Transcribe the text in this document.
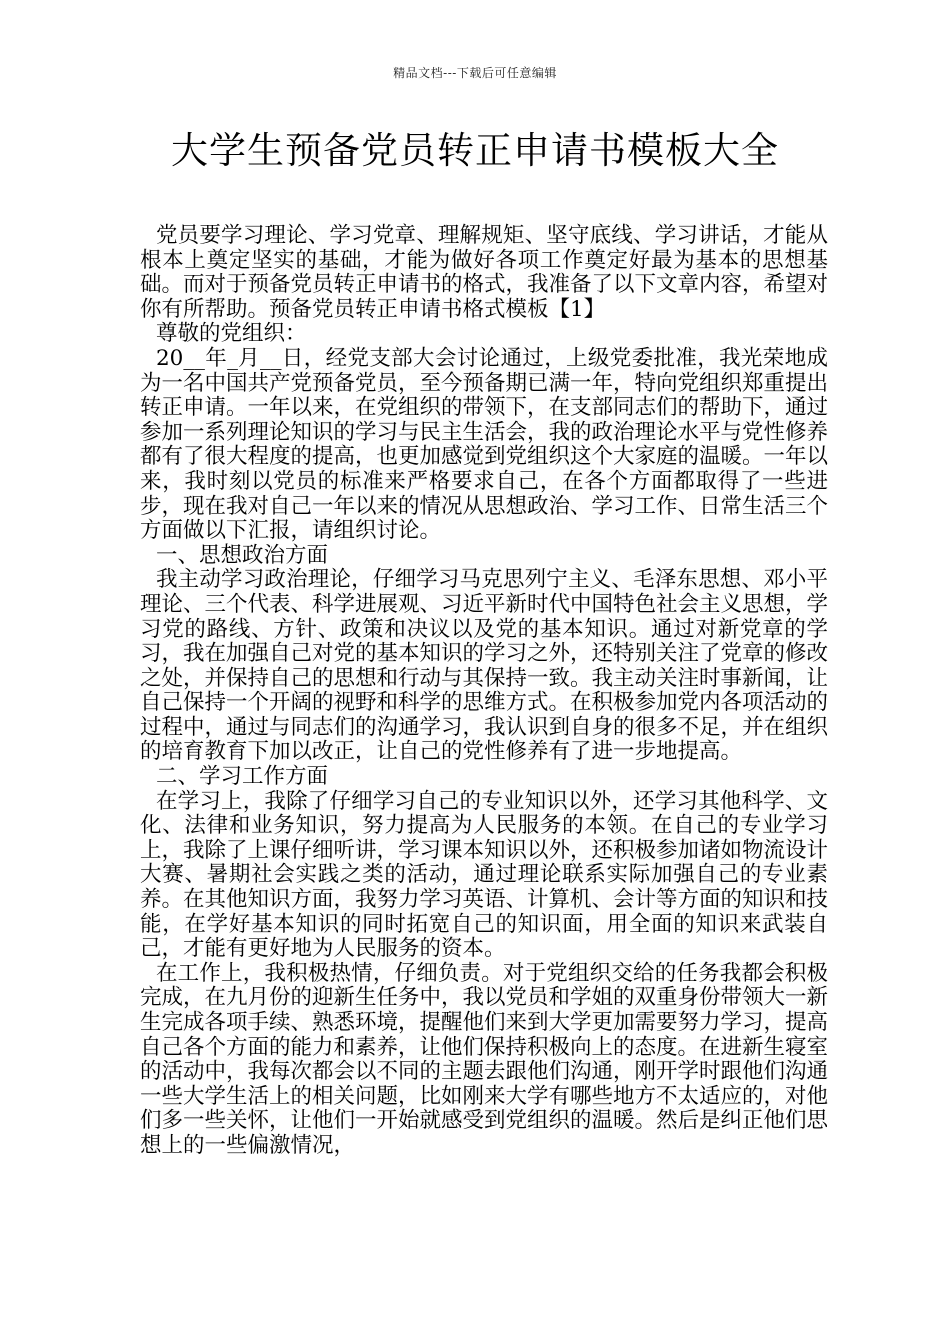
精品文档---下载后可任意编辑
大学生预备党员转正申请书模板大全

党员要学习理论、学习党章、理解规矩、坚守底线、学习讲话，才能从根本上奠定坚实的基础，才能为做好各项工作奠定好最为基本的思想基础。而对于预备党员转正申请书的格式，我准备了以下文章内容，希望对你有所帮助。预备党员转正申请书格式模板【1】

尊敬的党组织：

20__年_月__日，经党支部大会讨论通过，上级党委批准，我光荣地成为一名中国共产党预备党员，至今预备期已满一年，特向党组织郑重提出转正申请。一年以来，在党组织的带领下，在支部同志们的帮助下，通过参加一系列理论知识的学习与民主生活会，我的政治理论水平与党性修养都有了很大程度的提高，也更加感觉到党组织这个大家庭的温暖。一年以来，我时刻以党员的标准来严格要求自己，在各个方面都取得了一些进步，现在我对自己一年以来的情况从思想政治、学习工作、日常生活三个方面做以下汇报，请组织讨论。

一、思想政治方面

我主动学习政治理论，仔细学习马克思列宁主义、毛泽东思想、邓小平理论、三个代表、科学进展观、习近平新时代中国特色社会主义思想，学习党的路线、方针、政策和决议以及党的基本知识。通过对新党章的学习，我在加强自己对党的基本知识的学习之外，还特别关注了党章的修改之处，并保持自己的思想和行动与其保持一致。我主动关注时事新闻，让自己保持一个开阔的视野和科学的思维方式。在积极参加党内各项活动的过程中，通过与同志们的沟通学习，我认识到自身的很多不足，并在组织的培育教育下加以改正，让自己的党性修养有了进一步地提高。

二、学习工作方面

在学习上，我除了仔细学习自己的专业知识以外，还学习其他科学、文化、法律和业务知识，努力提高为人民服务的本领。在自己的专业学习上，我除了上课仔细听讲，学习课本知识以外，还积极参加诸如物流设计大赛、暑期社会实践之类的活动，通过理论联系实际加强自己的专业素养。在其他知识方面，我努力学习英语、计算机、会计等方面的知识和技能，在学好基本知识的同时拓宽自己的知识面，用全面的知识来武装自己，才能有更好地为人民服务的资本。

在工作上，我积极热情，仔细负责。对于党组织交给的任务我都会积极完成，在九月份的迎新生任务中，我以党员和学姐的双重身份带领大一新生完成各项手续、熟悉环境，提醒他们来到大学更加需要努力学习，提高自己各个方面的能力和素养，让他们保持积极向上的态度。在进新生寝室的活动中，我每次都会以不同的主题去跟他们沟通，刚开学时跟他们沟通一些大学生活上的相关问题，比如刚来大学有哪些地方不太适应的，对他们多一些关怀，让他们一开始就感受到党组织的温暖。然后是纠正他们思想上的一些偏激情况，
